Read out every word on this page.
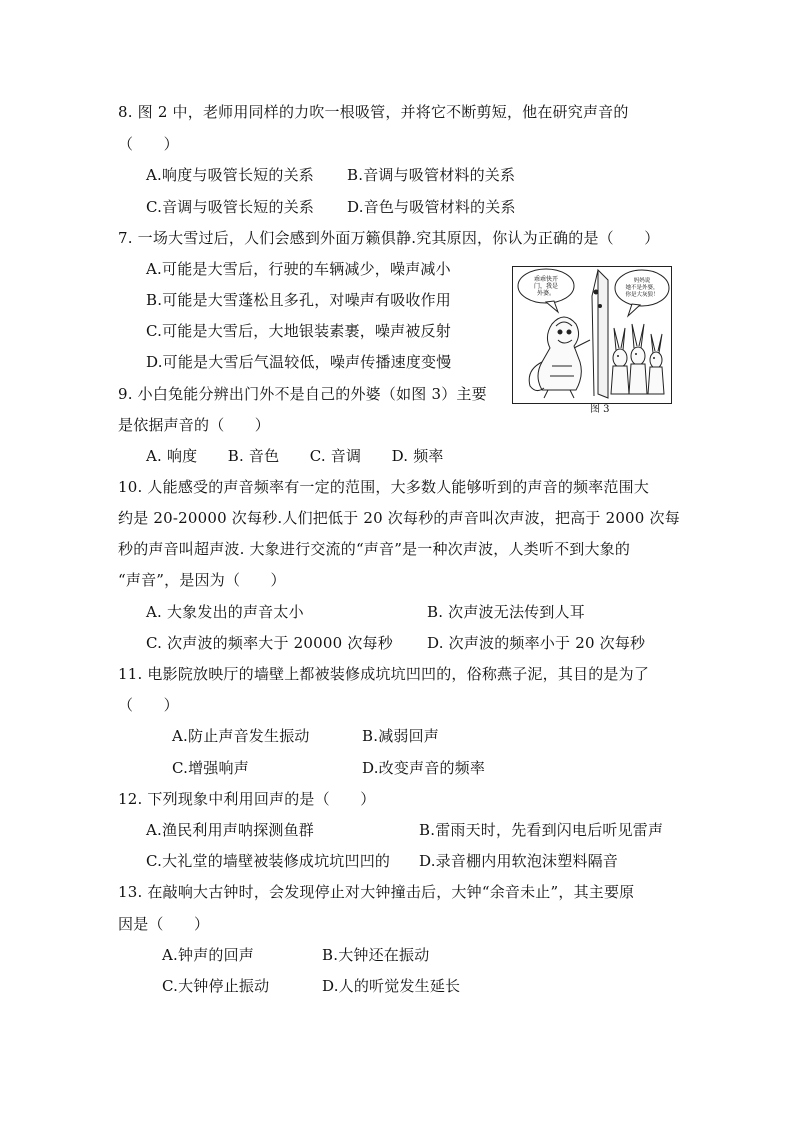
8. 图 2 中，老师用同样的力吹一根吸管，并将它不断剪短，他在研究声音的
（　　）
A.响度与吸管长短的关系 B.音调与吸管材料的关系
C.音调与吸管长短的关系 D.音色与吸管材料的关系
7. 一场大雪过后，人们会感到外面万籁俱静.究其原因，你认为正确的是（　　）
A.可能是大雪后，行驶的车辆减少，噪声减小
B.可能是大雪蓬松且多孔，对噪声有吸收作用
C.可能是大雪后，大地银装素裹，噪声被反射
D.可能是大雪后气温较低，噪声传播速度变慢
乖乖快开
门，我是
外婆。
妈妈说
她不是外婆，
你是大灰狼！
图 3
9. 小白兔能分辨出门外不是自己的外婆（如图 3）主要
是依据声音的（　　）
A. 响度　　B. 音色　　C. 音调　　D. 频率
10. 人能感受的声音频率有一定的范围，大多数人能够听到的声音的频率范围大
约是 20-20000 次每秒.人们把低于 20 次每秒的声音叫次声波，把高于 2000 次每
秒的声音叫超声波. 大象进行交流的“声音”是一种次声波，人类听不到大象的
“声音”，是因为（　　）
A. 大象发出的声音太小	B. 次声波无法传到人耳
C. 次声波的频率大于 20000 次每秒 D. 次声波的频率小于 20 次每秒
11. 电影院放映厅的墙壁上都被装修成坑坑凹凹的，俗称燕子泥，其目的是为了
（　　）
A.防止声音发生振动	B.减弱回声
C.增强响声	D.改变声音的频率
12. 下列现象中利用回声的是（　　）
A.渔民利用声呐探测鱼群	B.雷雨天时，先看到闪电后听见雷声
C.大礼堂的墙壁被装修成坑坑凹凹的 D.录音棚内用软泡沫塑料隔音
13. 在敲响大古钟时，会发现停止对大钟撞击后，大钟“余音未止”，其主要原
因是（　　）
A.钟声的回声	B.大钟还在振动
C.大钟停止振动	D.人的听觉发生延长
